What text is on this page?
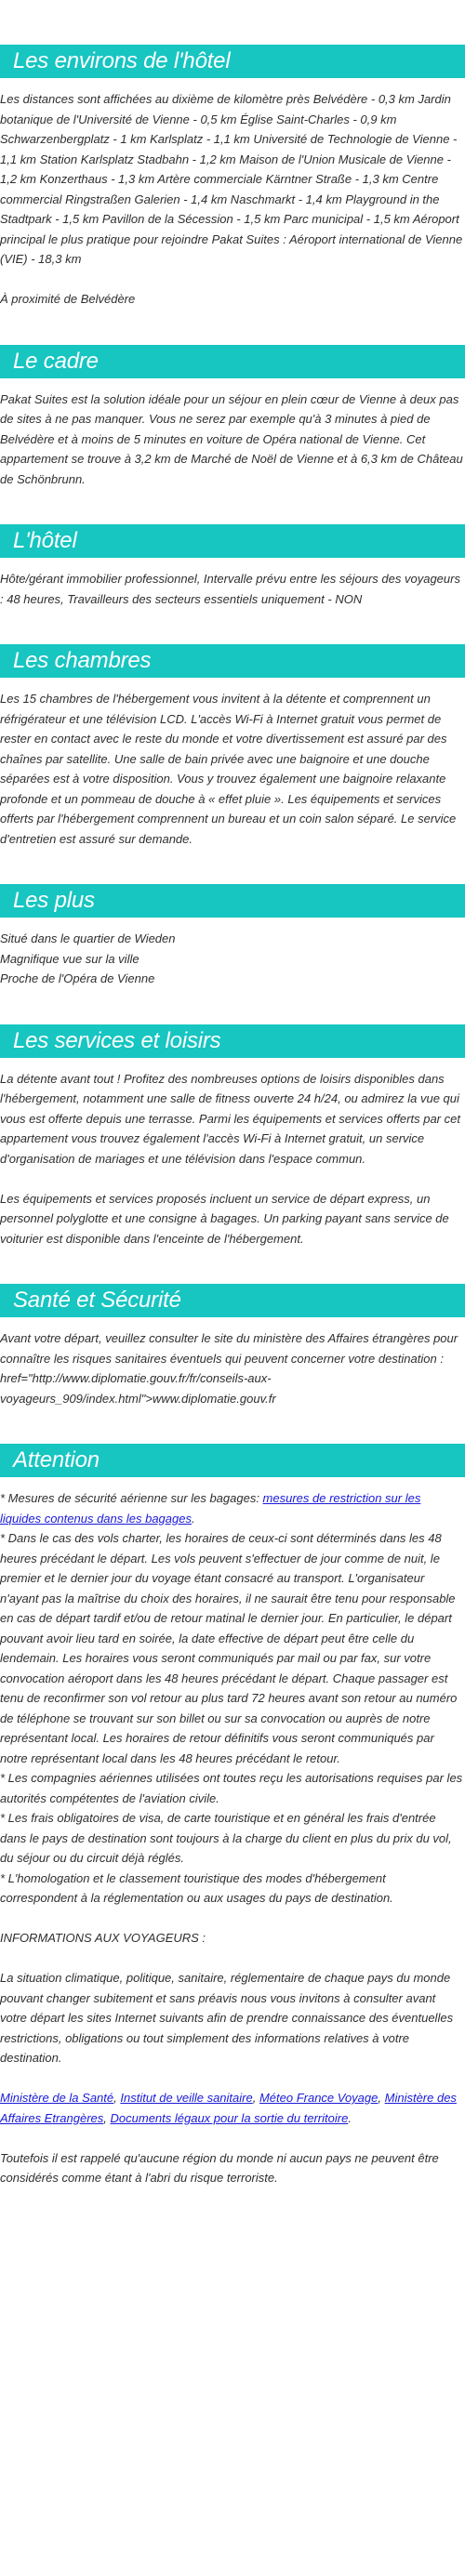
Les environs de l'hôtel

Les distances sont affichées au dixième de kilomètre près Belvédère - 0,3 km Jardin botanique de l'Université de Vienne - 0,5 km Église Saint-Charles - 0,9 km Schwarzenbergplatz - 1 km Karlsplatz - 1,1 km Université de Technologie de Vienne - 1,1 km Station Karlsplatz Stadbahn - 1,2 km Maison de l'Union Musicale de Vienne - 1,2 km Konzerthaus - 1,3 km Artère commerciale Kärntner Straße - 1,3 km Centre commercial Ringstraßen Galerien - 1,4 km Naschmarkt - 1,4 km Playground in the Stadtpark - 1,5 km Pavillon de la Sécession - 1,5 km Parc municipal - 1,5 km Aéroport principal le plus pratique pour rejoindre Pakat Suites : Aéroport international de Vienne (VIE) - 18,3 km

À proximité de Belvédère

Le cadre

Pakat Suites est la solution idéale pour un séjour en plein cœur de Vienne à deux pas de sites à ne pas manquer. Vous ne serez par exemple qu'à 3 minutes à pied de Belvédère et à moins de 5 minutes en voiture de Opéra national de Vienne. Cet appartement se trouve à 3,2 km de Marché de Noël de Vienne et à 6,3 km de Château de Schönbrunn.

L'hôtel

Hôte/gérant immobilier professionnel, Intervalle prévu entre les séjours des voyageurs : 48 heures, Travailleurs des secteurs essentiels uniquement - NON

Les chambres

Les 15 chambres de l'hébergement vous invitent à la détente et comprennent un réfrigérateur et une télévision LCD. L'accès Wi-Fi à Internet gratuit vous permet de rester en contact avec le reste du monde et votre divertissement est assuré par des chaînes par satellite. Une salle de bain privée avec une baignoire et une douche séparées est à votre disposition. Vous y trouvez également une baignoire relaxante profonde et un pommeau de douche à « effet pluie ». Les équipements et services offerts par l'hébergement comprennent un bureau et un coin salon séparé. Le service d'entretien est assuré sur demande.

Les plus
Situé dans le quartier de Wieden
Magnifique vue sur la ville
Proche de l'Opéra de Vienne
Les services et loisirs

La détente avant tout ! Profitez des nombreuses options de loisirs disponibles dans l'hébergement, notamment une salle de fitness ouverte 24 h/24, ou admirez la vue qui vous est offerte depuis une terrasse. Parmi les équipements et services offerts par cet appartement vous trouvez également l'accès Wi-Fi à Internet gratuit, un service d'organisation de mariages et une télévision dans l'espace commun.

Les équipements et services proposés incluent un service de départ express, un personnel polyglotte et une consigne à bagages. Un parking payant sans service de voiturier est disponible dans l'enceinte de l'hébergement.

Santé et Sécurité

Avant votre départ, veuillez consulter le site du ministère des Affaires étrangères pour connaître les risques sanitaires éventuels qui peuvent concerner votre destination : href="http://www.diplomatie.gouv.fr/fr/conseils-aux-voyageurs_909/index.html">www.diplomatie.gouv.fr

Attention
* Mesures de sécurité aérienne sur les bagages: mesures de restriction sur les liquides contenus dans les bagages.
* Dans le cas des vols charter, les horaires de ceux-ci sont déterminés dans les 48 heures précédant le départ. Les vols peuvent s'effectuer de jour comme de nuit, le premier et le dernier jour du voyage étant consacré au transport. L'organisateur n'ayant pas la maîtrise du choix des horaires, il ne saurait être tenu pour responsable en cas de départ tardif et/ou de retour matinal le dernier jour. En particulier, le départ pouvant avoir lieu tard en soirée, la date effective de départ peut être celle du lendemain. Les horaires vous seront communiqués par mail ou par fax, sur votre convocation aéroport dans les 48 heures précédant le départ. Chaque passager est tenu de reconfirmer son vol retour au plus tard 72 heures avant son retour au numéro de téléphone se trouvant sur son billet ou sur sa convocation ou auprès de notre représentant local. Les horaires de retour définitifs vous seront communiqués par notre représentant local dans les 48 heures précédant le retour.
* Les compagnies aériennes utilisées ont toutes reçu les autorisations requises par les autorités compétentes de l'aviation civile.
* Les frais obligatoires de visa, de carte touristique et en général les frais d'entrée dans le pays de destination sont toujours à la charge du client en plus du prix du vol, du séjour ou du circuit déjà réglés.
* L'homologation et le classement touristique des modes d'hébergement correspondent à la réglementation ou aux usages du pays de destination.
INFORMATIONS AUX VOYAGEURS :
La situation climatique, politique, sanitaire, réglementaire de chaque pays du monde pouvant changer subitement et sans préavis nous vous invitons à consulter avant votre départ les sites Internet suivants afin de prendre connaissance des éventuelles restrictions, obligations ou tout simplement des informations relatives à votre destination.
Ministère de la Santé, Institut de veille sanitaire, Méteo France Voyage, Ministère des Affaires Etrangères, Documents légaux pour la sortie du territoire.
Toutefois il est rappelé qu'aucune région du monde ni aucun pays ne peuvent être considérés comme étant à l'abri du risque terroriste.
